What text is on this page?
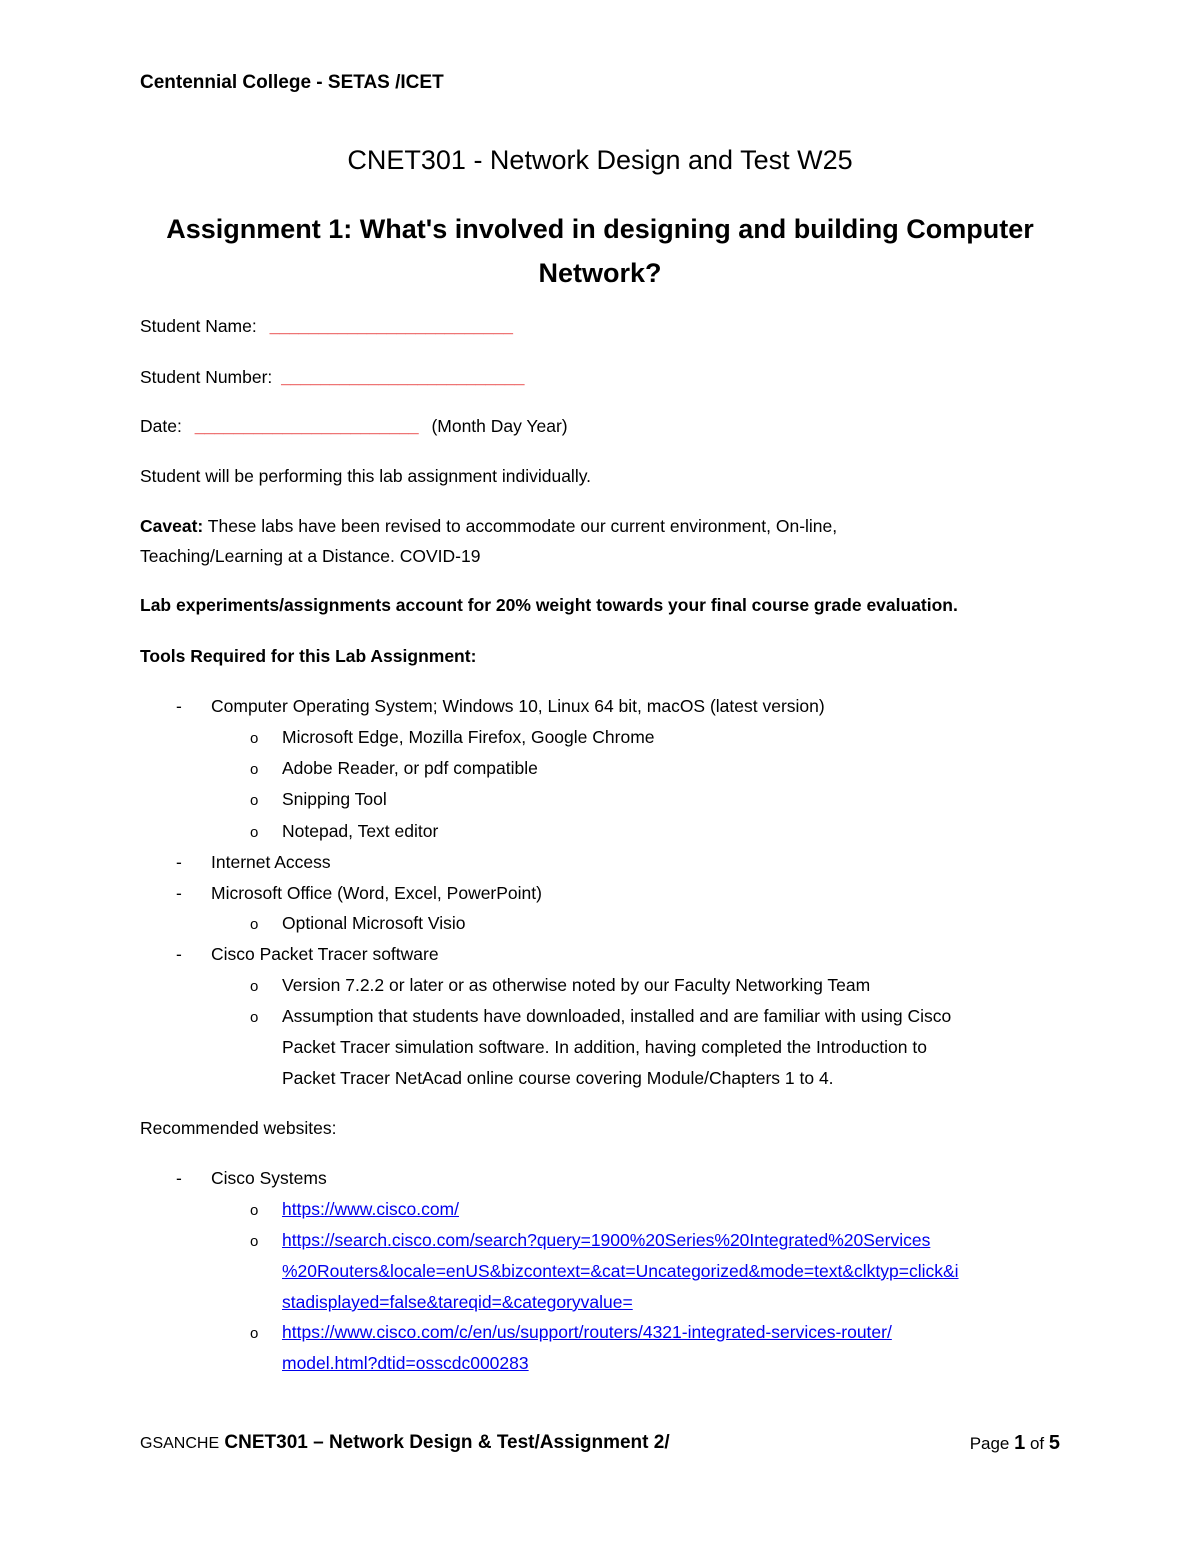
Centennial College - SETAS /ICET
CNET301 - Network Design and Test W25
Assignment 1: What's involved in designing and building Computer Network?
Student Name: _________________________
Student Number: _________________________
Date: _______________________ (Month Day Year)
Student will be performing this lab assignment individually.
Caveat: These labs have been revised to accommodate our current environment, On-line,
Teaching/Learning at a Distance. COVID-19
Lab experiments/assignments account for 20% weight towards your final course grade evaluation.
Tools Required for this Lab Assignment:
- Computer Operating System; Windows 10, Linux 64 bit, macOS (latest version)
o Microsoft Edge, Mozilla Firefox, Google Chrome
o Adobe Reader, or pdf compatible
o Snipping Tool
o Notepad, Text editor
- Internet Access
- Microsoft Office (Word, Excel, PowerPoint)
o Optional Microsoft Visio
- Cisco Packet Tracer software
o Version 7.2.2 or later or as otherwise noted by our Faculty Networking Team
o Assumption that students have downloaded, installed and are familiar with using Cisco
Packet Tracer simulation software. In addition, having completed the Introduction to
Packet Tracer NetAcad online course covering Module/Chapters 1 to 4.
Recommended websites:
- Cisco Systems
o https://www.cisco.com/
o https://search.cisco.com/search?query=1900%20Series%20Integrated%20Services
%20Routers&locale=enUS&bizcontext=&cat=Uncategorized&mode=text&clktyp=click&i
stadisplayed=false&tareqid=&categoryvalue=
o https://www.cisco.com/c/en/us/support/routers/4321-integrated-services-router/
model.html?dtid=osscdc000283
GSANCHE CNET301 – Network Design & Test/Assignment 2/	Page 1 of 5
